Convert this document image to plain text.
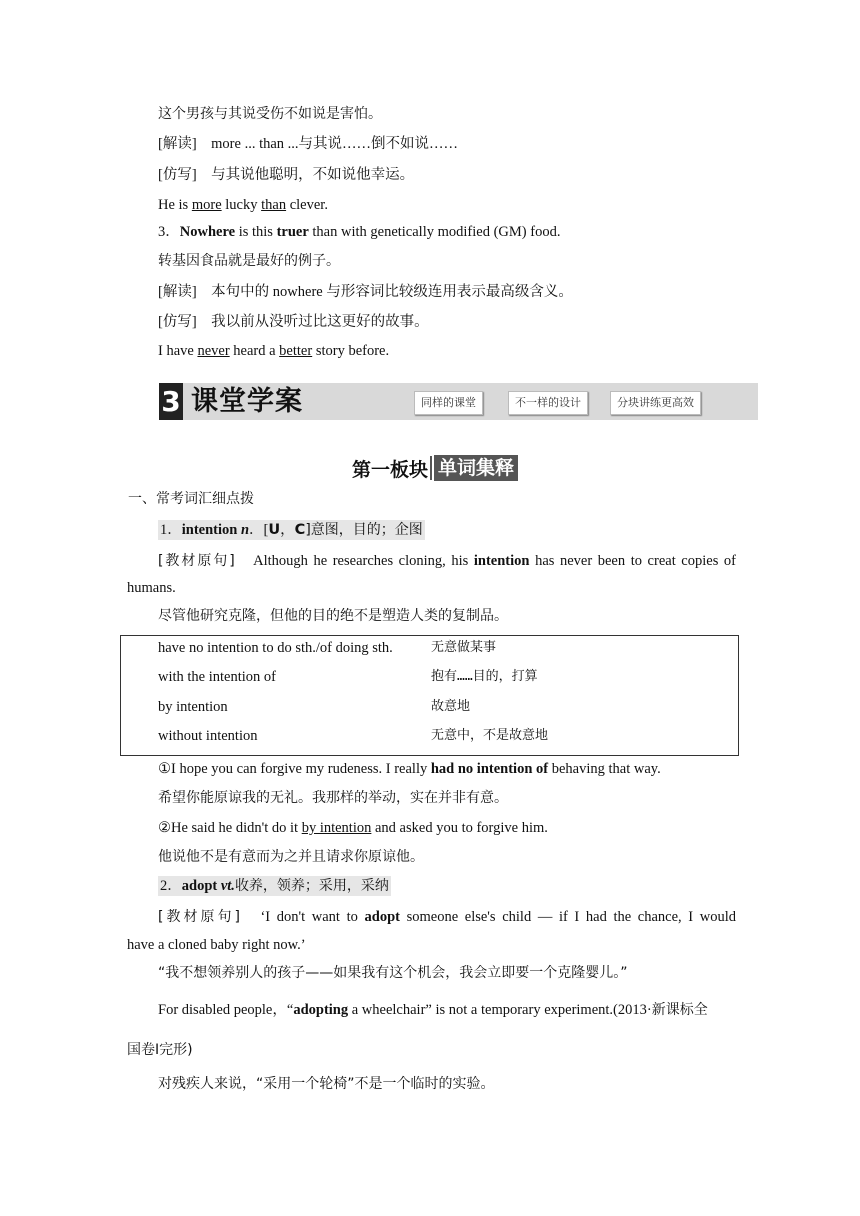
这个男孩与其说受伤不如说是害怕。
[解读]　more ... than ...与其说……倒不如说……
[仿写]　与其说他聪明，不如说他幸运。
He is more lucky than clever.
3．Nowhere is this truer than with genetically modified (GM) food.
转基因食品就是最好的例子。
[解读]　本句中的 nowhere 与形容词比较级连用表示最高级含义。
[仿写]　我以前从没听过比这更好的故事。
I have never heard a better story before.
3 课堂学案	同样的课堂	不一样的设计	分块讲练更高效
第一板块 单词集释
一、常考词汇细点拨
1．intention n．[U，C]意图，目的；企图
[教材原句]　Although he researches cloning, his intention has never been to creat copies of
humans.
尽管他研究克隆，但他的目的绝不是塑造人类的复制品。
have no intention to do sth./of doing sth.	无意做某事
with the intention of	抱有……目的，打算
by intention	故意地
without intention	无意中，不是故意地
①I hope you can forgive my rudeness. I really had no intention of behaving that way.
希望你能原谅我的无礼。我那样的举动，实在并非有意。
②He said he didn't do it by intention and asked you to forgive him.
他说他不是有意而为之并且请求你原谅他。
2．adopt vt.收养，领养；采用，采纳
[教材原句]　‘I don't want to adopt someone else's child — if I had the chance, I would
have a cloned baby right now.’
“我不想领养别人的孩子——如果我有这个机会，我会立即要一个克隆婴儿。”
For disabled people，“adopting a wheelchair” is not a temporary experiment.(2013·新课标全
国卷Ⅰ完形)
对残疾人来说，“采用一个轮椅”不是一个临时的实验。
